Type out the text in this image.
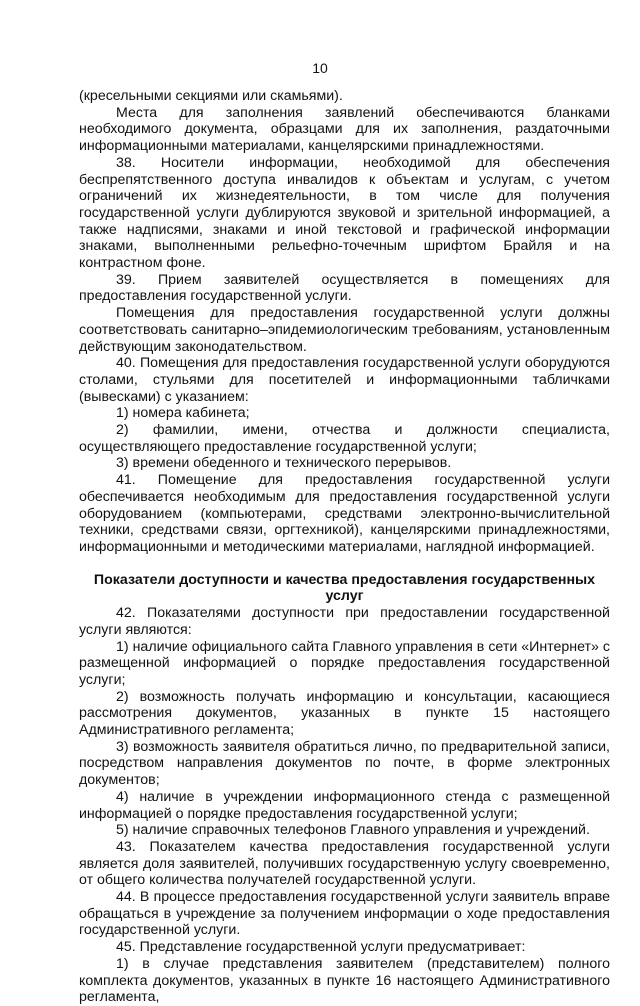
10

(кресельными секциями или скамьями).

Места для заполнения заявлений обеспечиваются бланками необходимого документа, образцами для их заполнения, раздаточными информационными материалами, канцелярскими принадлежностями.

38. Носители информации, необходимой для обеспечения беспрепятственного доступа инвалидов к объектам и услугам, с учетом ограничений их жизнедеятельности, в том числе для получения государственной услуги дублируются звуковой и зрительной информацией, а также надписями, знаками и иной текстовой и графической информации знаками, выполненными рельефно-точечным шрифтом Брайля и на контрастном фоне.

39. Прием заявителей осуществляется в помещениях для предоставления государственной услуги.

Помещения для предоставления государственной услуги должны соответствовать санитарно–эпидемиологическим требованиям, установленным действующим законодательством.

40. Помещения для предоставления государственной услуги оборудуются столами, стульями для посетителей и информационными табличками (вывесками) с указанием:

1) номера кабинета;

2) фамилии, имени, отчества и должности специалиста, осуществляющего предоставление государственной услуги;

3) времени обеденного и технического перерывов.

41. Помещение для предоставления государственной услуги обеспечивается необходимым для предоставления государственной услуги оборудованием (компьютерами, средствами электронно-вычислительной техники, средствами связи, оргтехникой), канцелярскими принадлежностями, информационными и методическими материалами, наглядной информацией.

Показатели доступности и качества предоставления государственных услуг

42. Показателями доступности при предоставлении государственной услуги являются:

1) наличие официального сайта Главного управления в сети «Интернет» с размещенной информацией о порядке предоставления государственной услуги;

2) возможность получать информацию и консультации, касающиеся рассмотрения документов, указанных в пункте 15 настоящего Административного регламента;

3) возможность заявителя обратиться лично, по предварительной записи, посредством направления документов по почте, в форме электронных документов;

4) наличие в учреждении информационного стенда с размещенной информацией о порядке предоставления государственной услуги;

5) наличие справочных телефонов Главного управления и учреждений.

43. Показателем качества предоставления государственной услуги является доля заявителей, получивших государственную услугу своевременно, от общего количества получателей государственной услуги.

44. В процессе предоставления государственной услуги заявитель вправе обращаться в учреждение за получением информации о ходе предоставления государственной услуги.

45. Представление государственной услуги предусматривает:

1) в случае представления заявителем (представителем) полного комплекта документов, указанных в пункте 16 настоящего Административного регламента,
